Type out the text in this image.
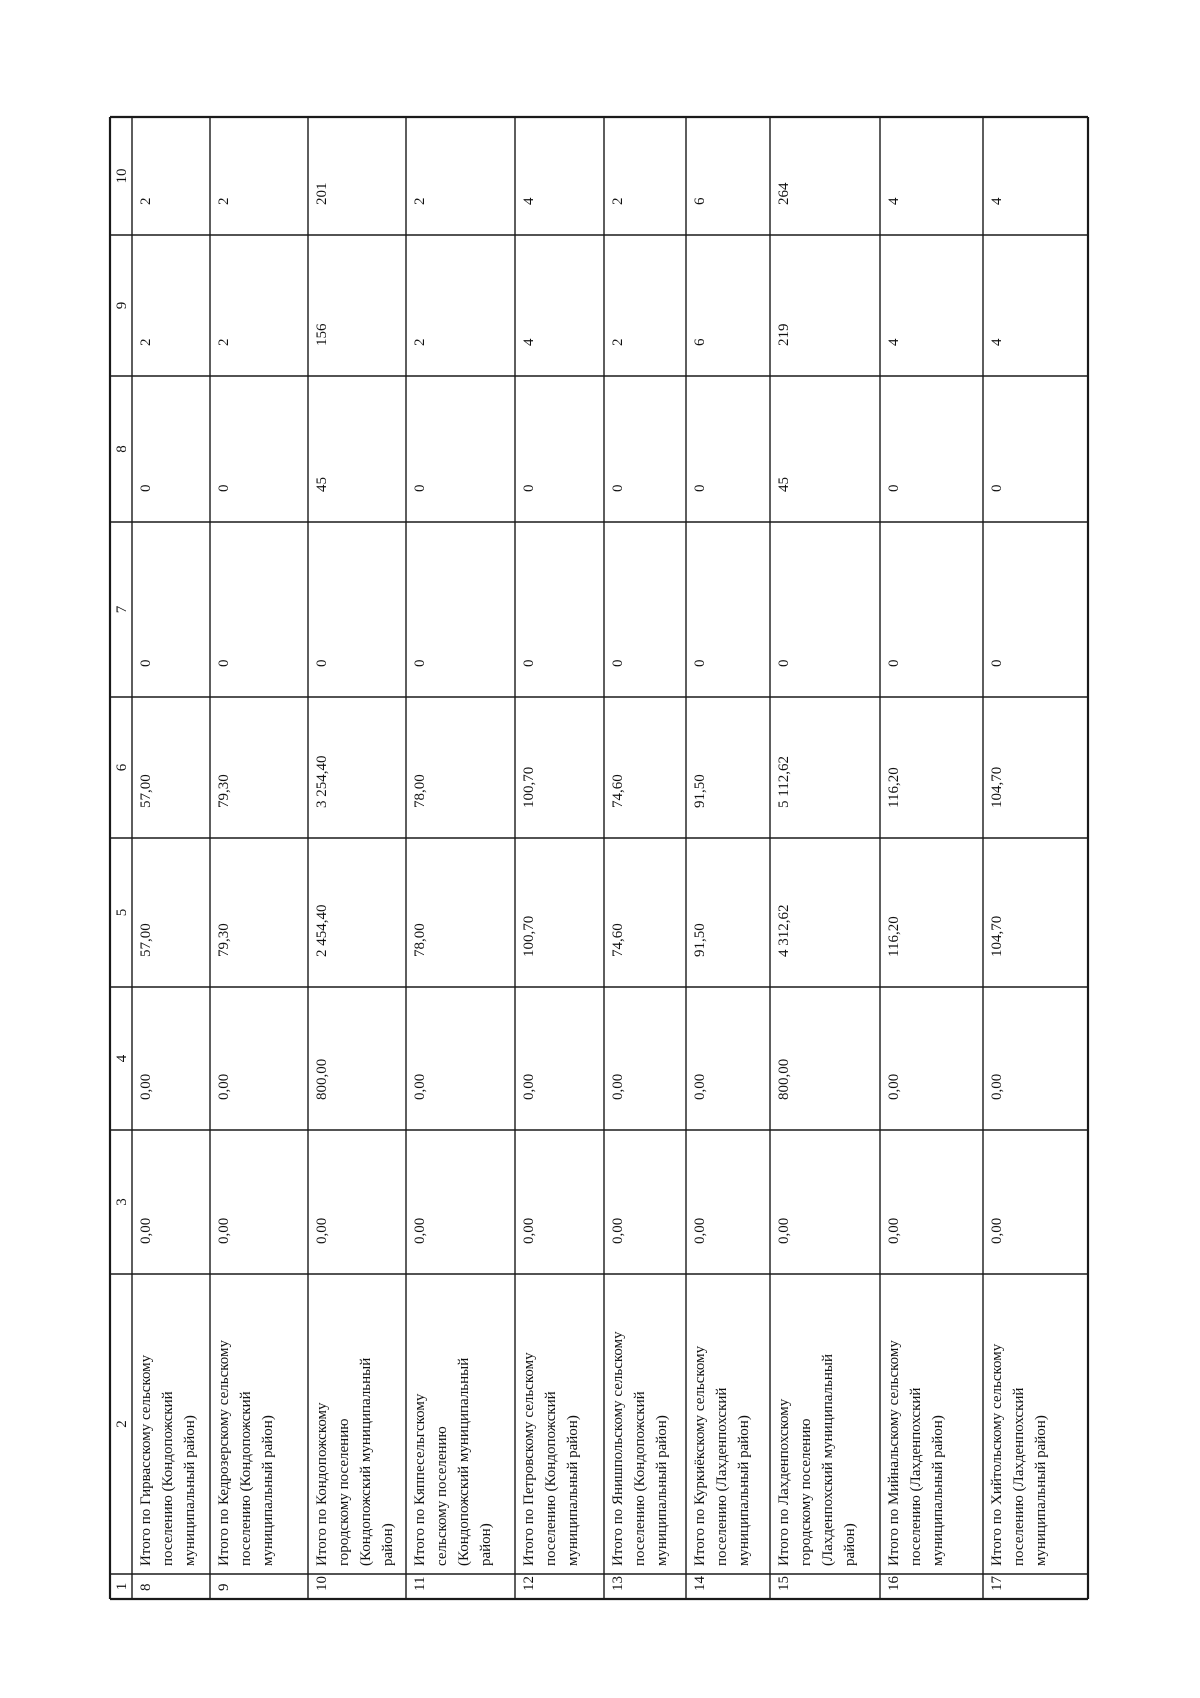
1
2
3
4
5
6
7
8
9
10
8
Итого по Гирвасскому сельскому поселению (Кондопожский муниципальный район)
0,00
0,00
57,00
57,00
0
0
2
2
9
Итого по Кедрозерскому сельскому поселению (Кондопожский муниципальный район)
0,00
0,00
79,30
79,30
0
0
2
2
10
Итого по Кондопожскому городскому поселению (Кондопожский муниципальный район)
0,00
800,00
2 454,40
3 254,40
0
45
156
201
11
Итого по Кяппесельгскому сельскому поселению (Кондопожский муниципальный район)
0,00
0,00
78,00
78,00
0
0
2
2
12
Итого по Петровскому сельскому поселению (Кондопожский муниципальный район)
0,00
0,00
100,70
100,70
0
0
4
4
13
Итого по Янишпольскому сельскому поселению (Кондопожский муниципальный район)
0,00
0,00
74,60
74,60
0
0
2
2
14
Итого по Куркиёкскому сельскому поселению (Лахденпохский муниципальный район)
0,00
0,00
91,50
91,50
0
0
6
6
15
Итого по Лахденпохскому городскому поселению (Лахденпохский муниципальный район)
0,00
800,00
4 312,62
5 112,62
0
45
219
264
16
Итого по Мийнальскому сельскому поселению (Лахденпохский муниципальный район)
0,00
0,00
116,20
116,20
0
0
4
4
17
Итого по Хийтольскому сельскому поселению (Лахденпохский муниципальный район)
0,00
0,00
104,70
104,70
0
0
4
4
